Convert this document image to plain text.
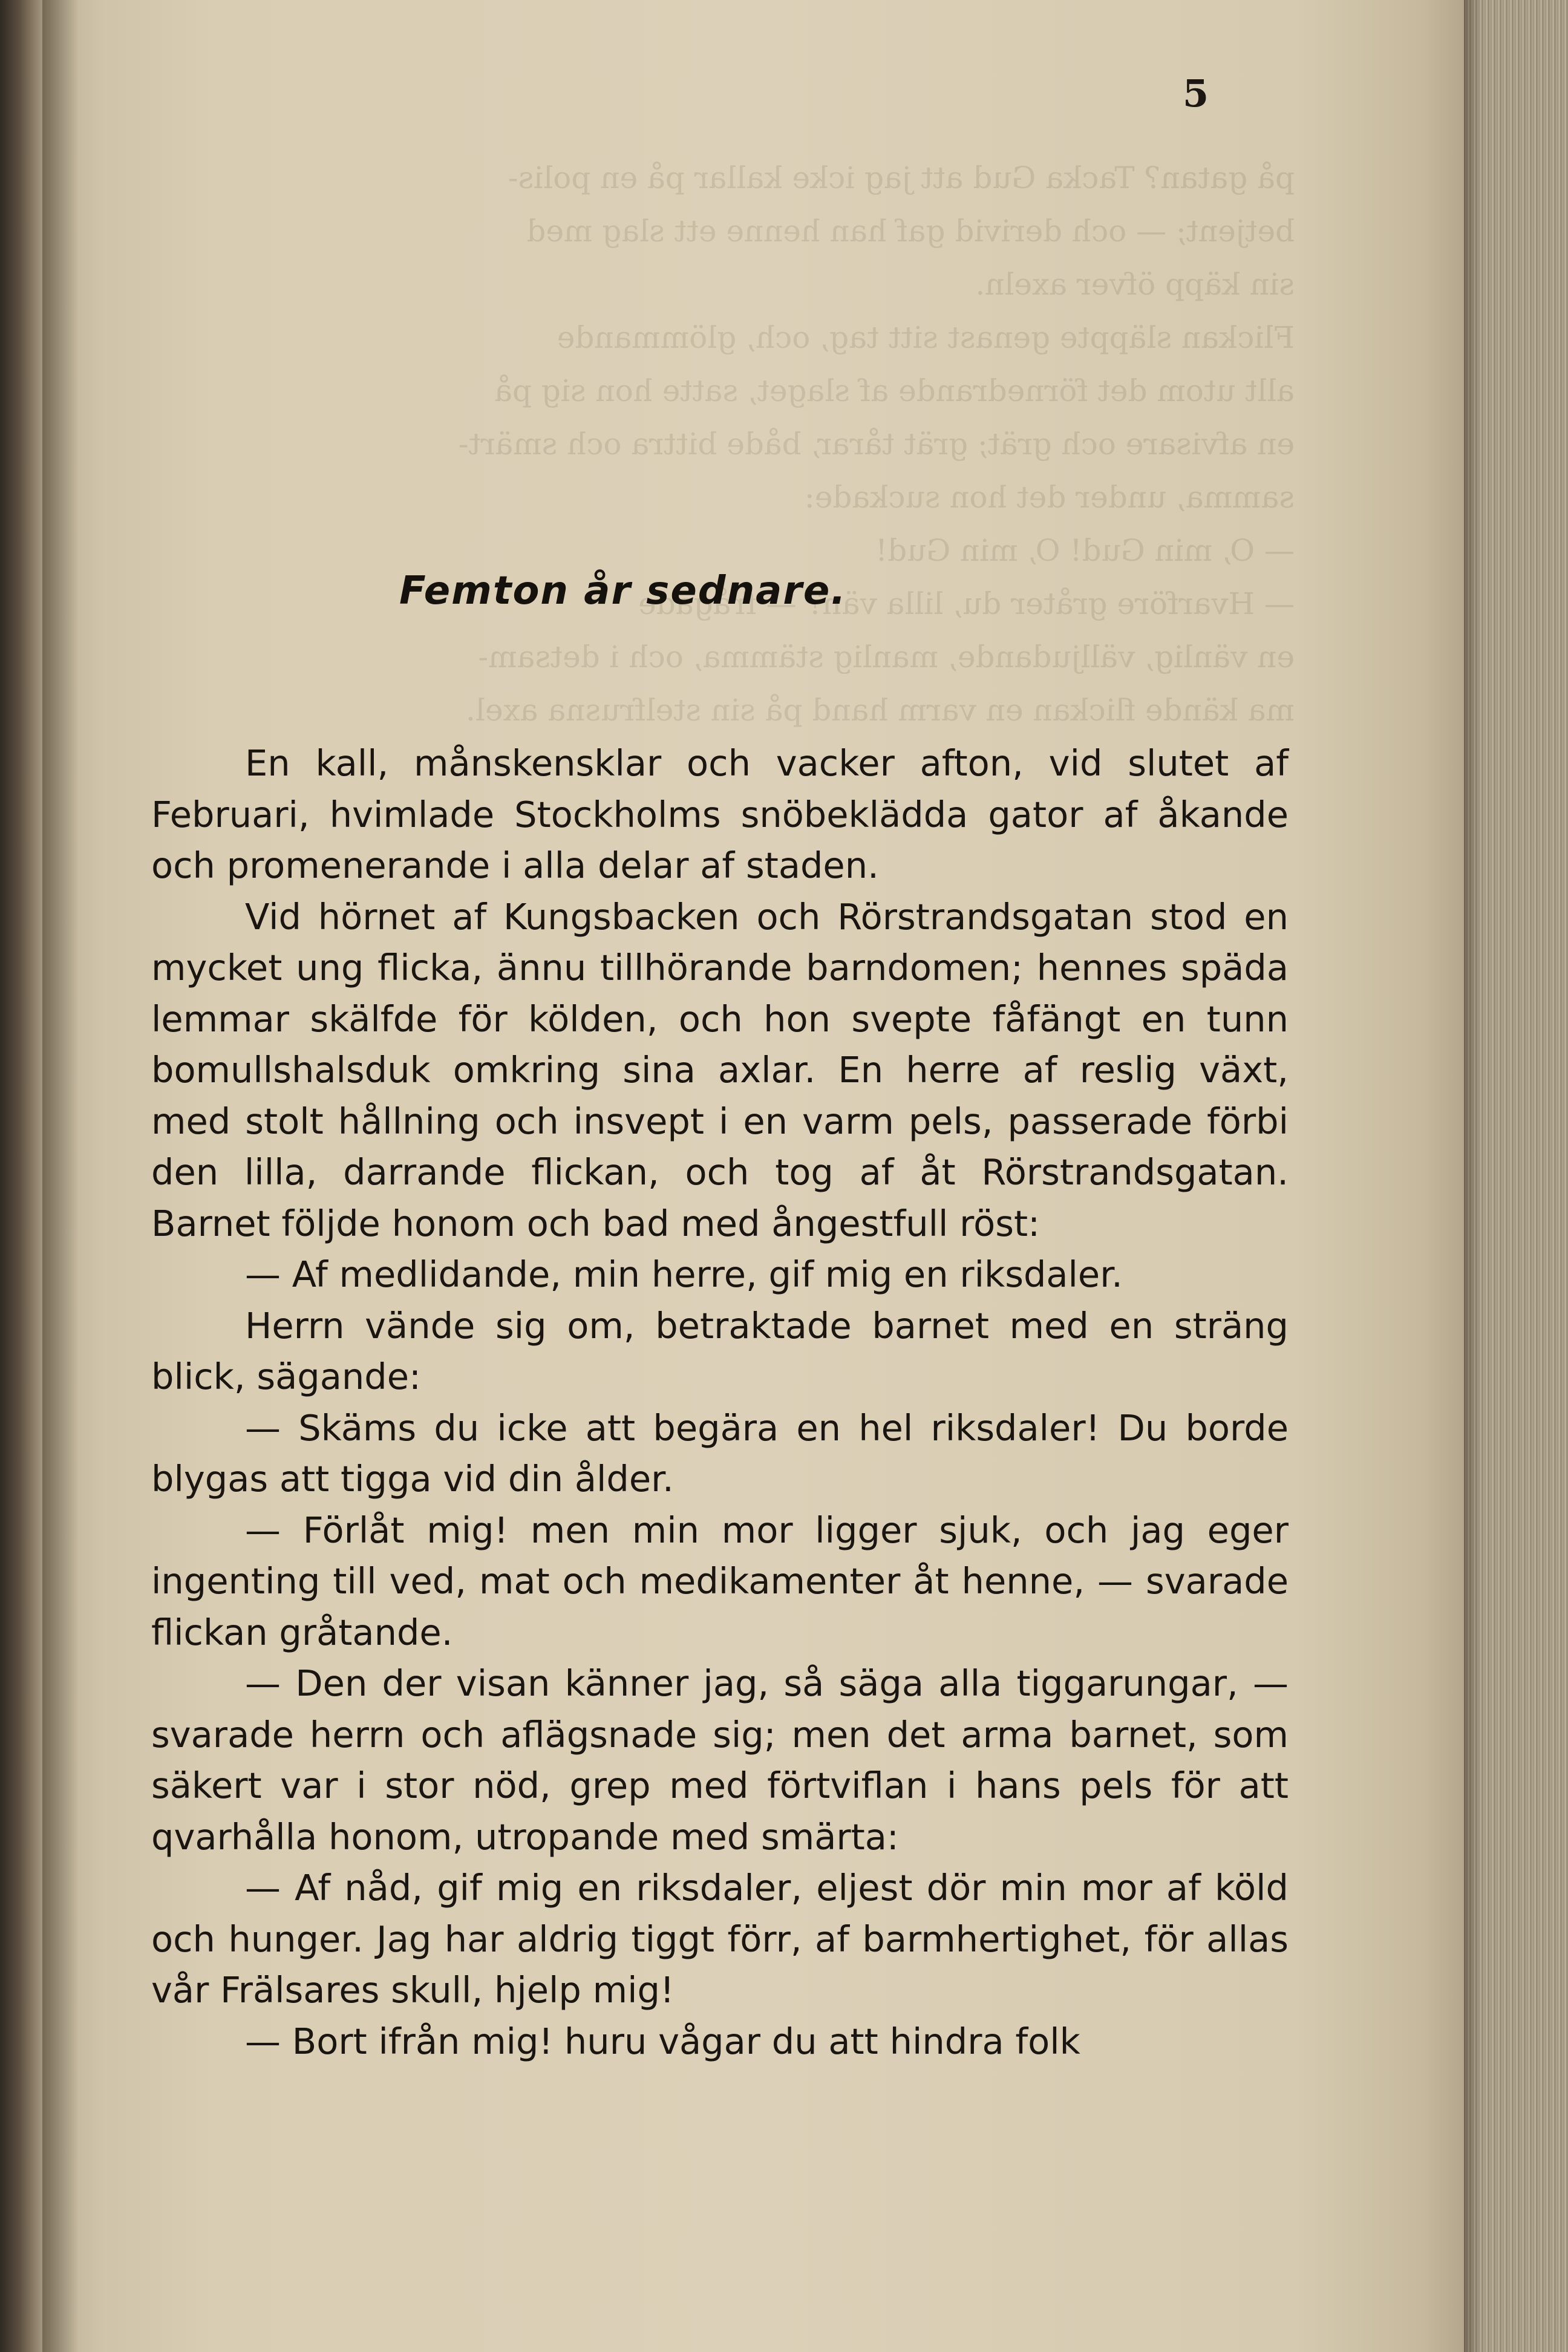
på gatan? Tacka Gud att jag icke kallar på en polis-

betjent; — och derivid gaf han henne ett slag med

sin käpp öfver axeln.

Flickan släppte genast sitt tag, och, glömmande

allt utom det förnedrande af slaget, satte hon sig på

en afvisare och grät; grät tårar, både bittra och smärt-

samma, under det hon suckade:

— O, min Gud! O, min Gud!

— Hvarföre gråter du, lilla vän? — frågade

en vänlig, välljudande, manlig stämma, och i detsam-

ma kände flickan en varm hand på sin stelfrusna axel.

5
Femton år sednare.

En kall, månskensklar och vacker afton, vid slutet af Februari, hvimlade Stockholms snöbeklädda gator af åkande och promenerande i alla delar af staden.

Vid hörnet af Kungsbacken och Rörstrandsgatan stod en mycket ung flicka, ännu tillhörande barndomen; hennes späda lemmar skälfde för kölden, och hon svepte fåfängt en tunn bomullshalsduk omkring sina axlar. En herre af reslig växt, med stolt hållning och insvept i en varm pels, passerade förbi den lilla, darrande flickan, och tog af åt Rörstrandsgatan. Barnet följde honom och bad med ångestfull röst:

— Af medlidande, min herre, gif mig en riksdaler.

Herrn vände sig om, betraktade barnet med en sträng blick, sägande:

— Skäms du icke att begära en hel riksdaler! Du borde blygas att tigga vid din ålder.

— Förlåt mig! men min mor ligger sjuk, och jag eger ingenting till ved, mat och medikamenter åt henne, — svarade flickan gråtande.

— Den der visan känner jag, så säga alla tiggarungar, — svarade herrn och aflägsnade sig; men det arma barnet, som säkert var i stor nöd, grep med förtviflan i hans pels för att qvarhålla honom, utropande med smärta:

— Af nåd, gif mig en riksdaler, eljest dör min mor af köld och hunger. Jag har aldrig tiggt förr, af barmhertighet, för allas vår Frälsares skull, hjelp mig!

— Bort ifrån mig! huru vågar du att hindra folk
